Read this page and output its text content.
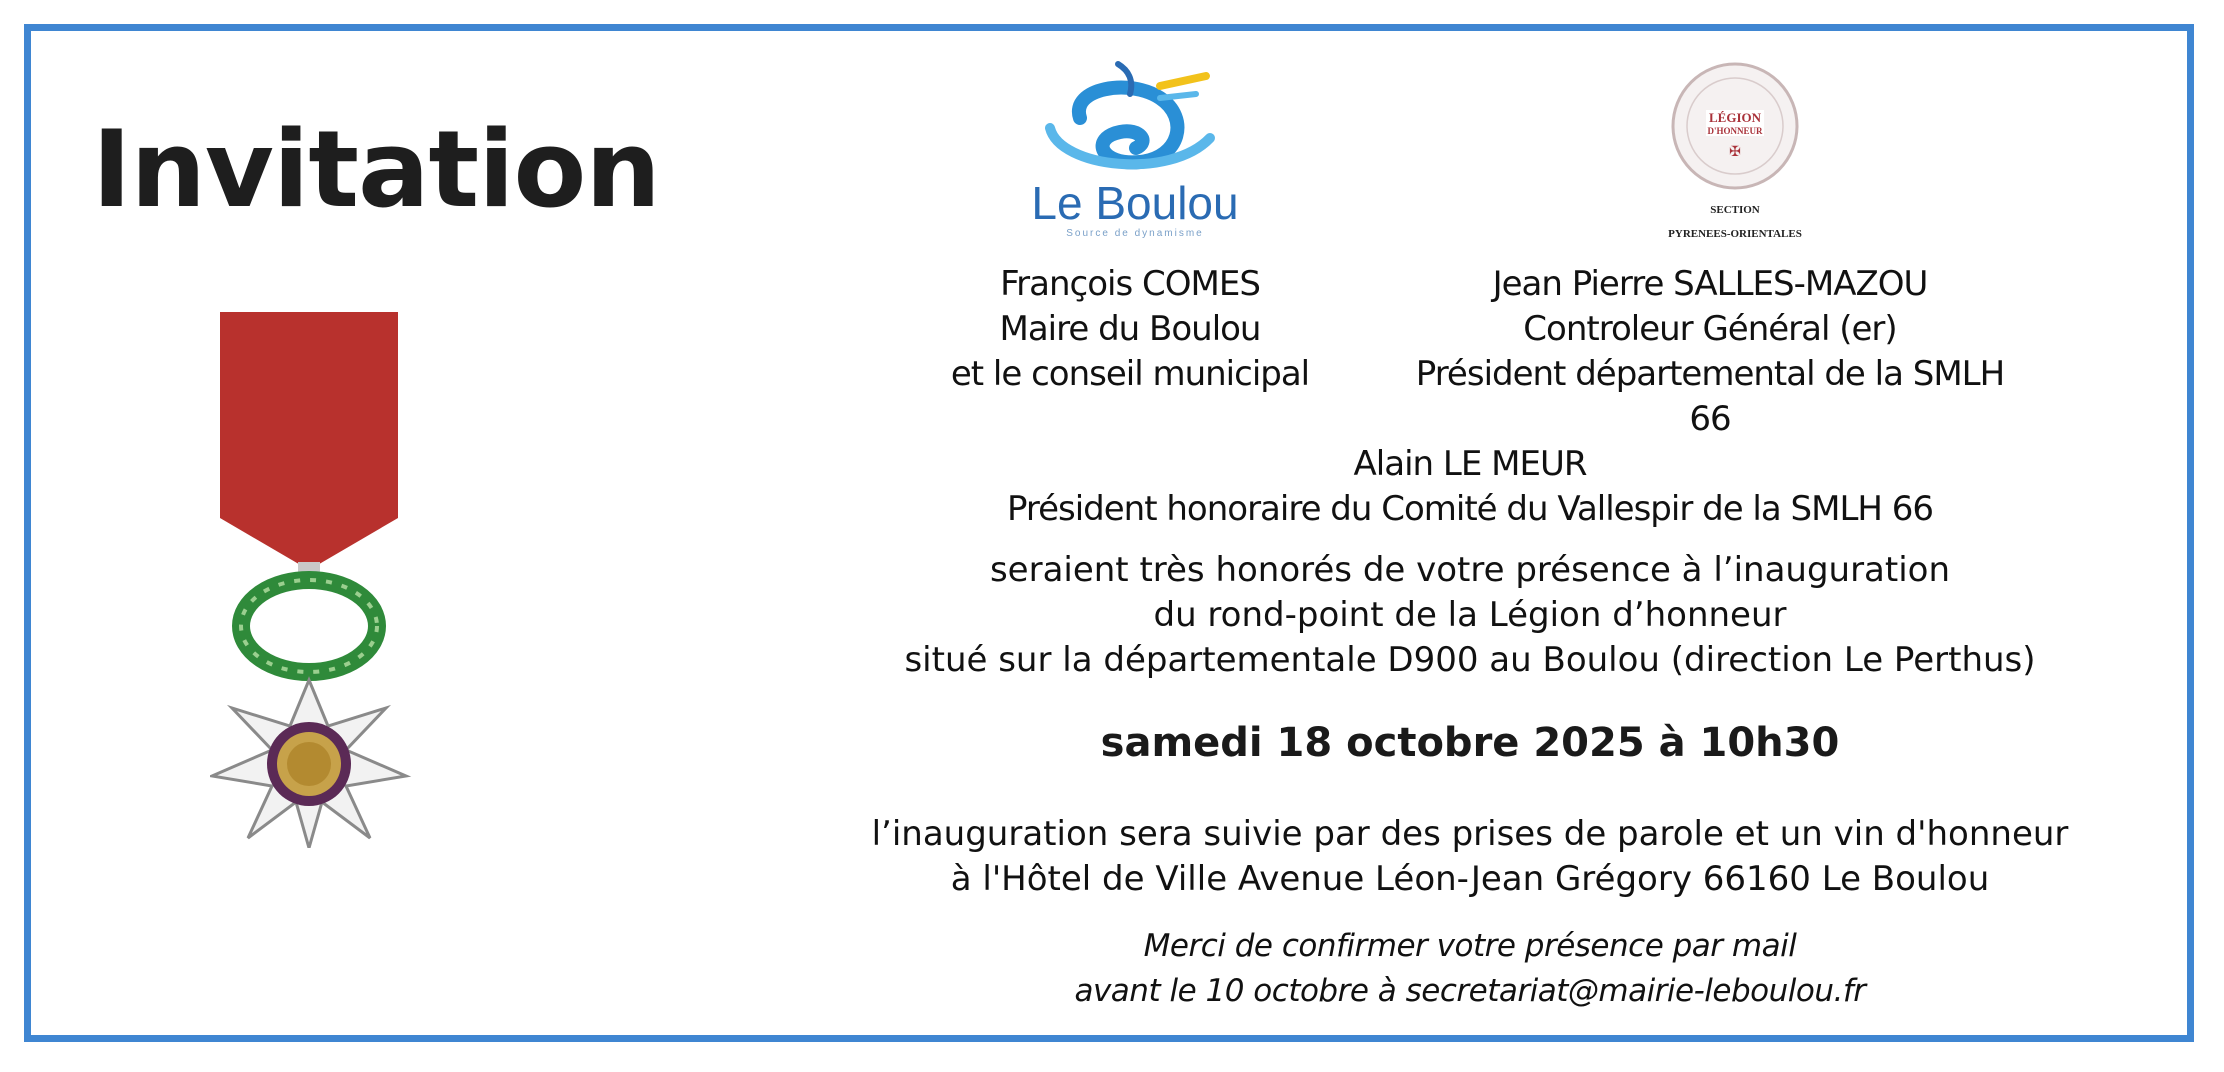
Invitation	Le Boulou
Source de dynamisme
LÉGION
D'HONNEUR
✠
SECTION
PYRENEES-ORIENTALES
François COMES
Maire du Boulou
et le conseil municipal
Jean Pierre SALLES-MAZOU
Controleur Général (er)
Président départemental de la SMLH 66
Alain LE MEUR
Président honoraire du Comité du Vallespir de la SMLH 66
seraient très honorés de votre présence à l’inauguration
du rond-point de la Légion d’honneur
situé sur la départementale D900 au Boulou (direction Le Perthus)
samedi 18 octobre 2025 à 10h30
l’inauguration sera suivie par des prises de parole et un vin d'honneur
à l'Hôtel de Ville Avenue Léon-Jean Grégory 66160 Le Boulou
Merci de confirmer votre présence par mail
avant le 10 octobre à secretariat@mairie-leboulou.fr
